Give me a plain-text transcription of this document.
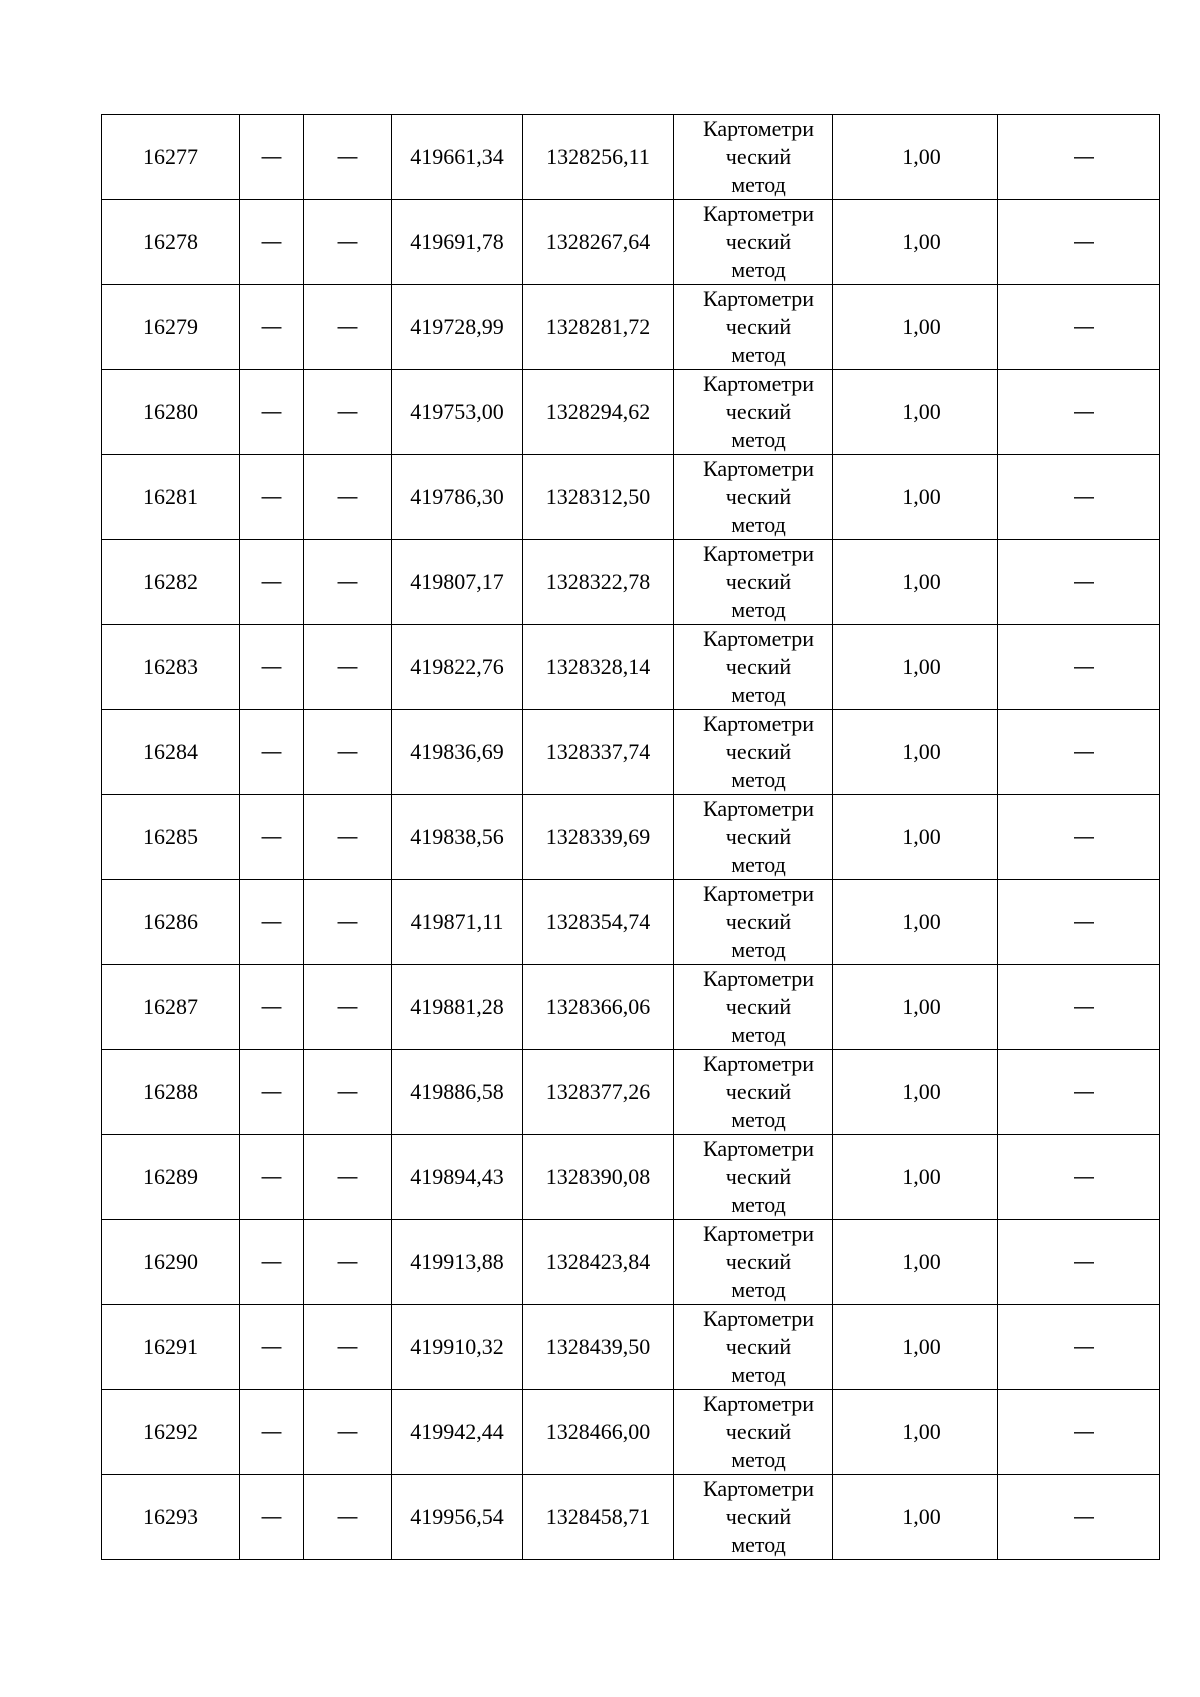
16277	—	—	419661,34	1328256,11	Картометри
ческий
метод	1,00	—
16278	—	—	419691,78	1328267,64	Картометри
ческий
метод	1,00	—
16279	—	—	419728,99	1328281,72	Картометри
ческий
метод	1,00	—
16280	—	—	419753,00	1328294,62	Картометри
ческий
метод	1,00	—
16281	—	—	419786,30	1328312,50	Картометри
ческий
метод	1,00	—
16282	—	—	419807,17	1328322,78	Картометри
ческий
метод	1,00	—
16283	—	—	419822,76	1328328,14	Картометри
ческий
метод	1,00	—
16284	—	—	419836,69	1328337,74	Картометри
ческий
метод	1,00	—
16285	—	—	419838,56	1328339,69	Картометри
ческий
метод	1,00	—
16286	—	—	419871,11	1328354,74	Картометри
ческий
метод	1,00	—
16287	—	—	419881,28	1328366,06	Картометри
ческий
метод	1,00	—
16288	—	—	419886,58	1328377,26	Картометри
ческий
метод	1,00	—
16289	—	—	419894,43	1328390,08	Картометри
ческий
метод	1,00	—
16290	—	—	419913,88	1328423,84	Картометри
ческий
метод	1,00	—
16291	—	—	419910,32	1328439,50	Картометри
ческий
метод	1,00	—
16292	—	—	419942,44	1328466,00	Картометри
ческий
метод	1,00	—
16293	—	—	419956,54	1328458,71	Картометри
ческий
метод	1,00	—
